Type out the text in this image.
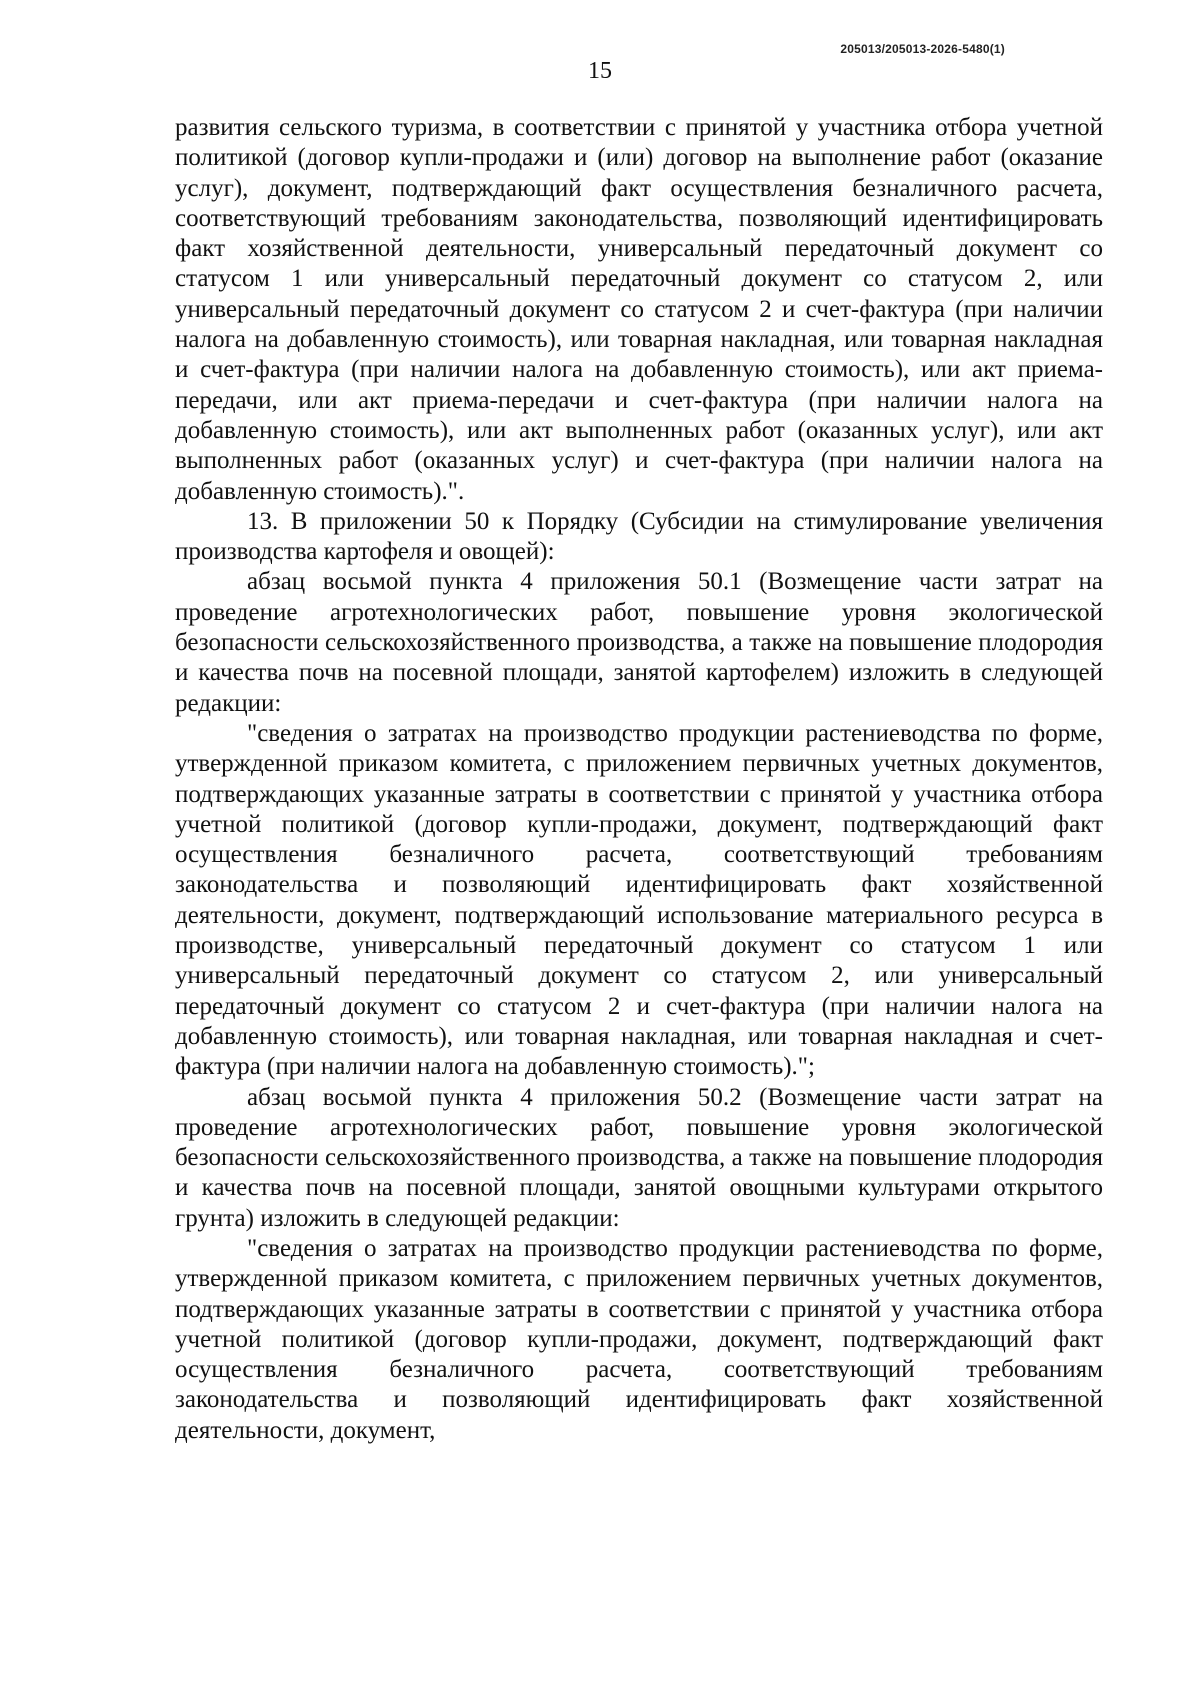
205013/205013-2026-5480(1)
15

развития сельского туризма, в соответствии с принятой у участника отбора учетной политикой (договор купли-продажи и (или) договор на выполнение работ (оказание услуг), документ, подтверждающий факт осуществления безналичного расчета, соответствующий требованиям законодательства, позволяющий идентифицировать факт хозяйственной деятельности, универсальный передаточный документ со статусом 1 или универсальный передаточный документ со статусом 2, или универсальный передаточный документ со статусом 2 и счет-фактура (при наличии налога на добавленную стоимость), или товарная накладная, или товарная накладная и счет-фактура (при наличии налога на добавленную стоимость), или акт приема-передачи, или акт приема-передачи и счет-фактура (при наличии налога на добавленную стоимость), или акт выполненных работ (оказанных услуг), или акт выполненных работ (оказанных услуг) и счет-фактура (при наличии налога на добавленную стоимость).".

13. В приложении 50 к Порядку (Субсидии на стимулирование увеличения производства картофеля и овощей):

абзац восьмой пункта 4 приложения 50.1 (Возмещение части затрат на проведение агротехнологических работ, повышение уровня экологической безопасности сельскохозяйственного производства, а также на повышение плодородия и качества почв на посевной площади, занятой картофелем) изложить в следующей редакции:

"сведения о затратах на производство продукции растениеводства по форме, утвержденной приказом комитета, с приложением первичных учетных документов, подтверждающих указанные затраты в соответствии с принятой у участника отбора учетной политикой (договор купли-продажи, документ, подтверждающий факт осуществления безналичного расчета, соответствующий требованиям законодательства и позволяющий идентифицировать факт хозяйственной деятельности, документ, подтверждающий использование материального ресурса в производстве, универсальный передаточный документ со статусом 1 или универсальный передаточный документ со статусом 2, или универсальный передаточный документ со статусом 2 и счет-фактура (при наличии налога на добавленную стоимость), или товарная накладная, или товарная накладная и счет-фактура (при наличии налога на добавленную стоимость).";

абзац восьмой пункта 4 приложения 50.2 (Возмещение части затрат на проведение агротехнологических работ, повышение уровня экологической безопасности сельскохозяйственного производства, а также на повышение плодородия и качества почв на посевной площади, занятой овощными культурами открытого грунта) изложить в следующей редакции:

"сведения о затратах на производство продукции растениеводства по форме, утвержденной приказом комитета, с приложением первичных учетных документов, подтверждающих указанные затраты в соответствии с принятой у участника отбора учетной политикой (договор купли-продажи, документ, подтверждающий факт осуществления безналичного расчета, соответствующий требованиям законодательства и позволяющий идентифицировать факт хозяйственной деятельности, документ,
